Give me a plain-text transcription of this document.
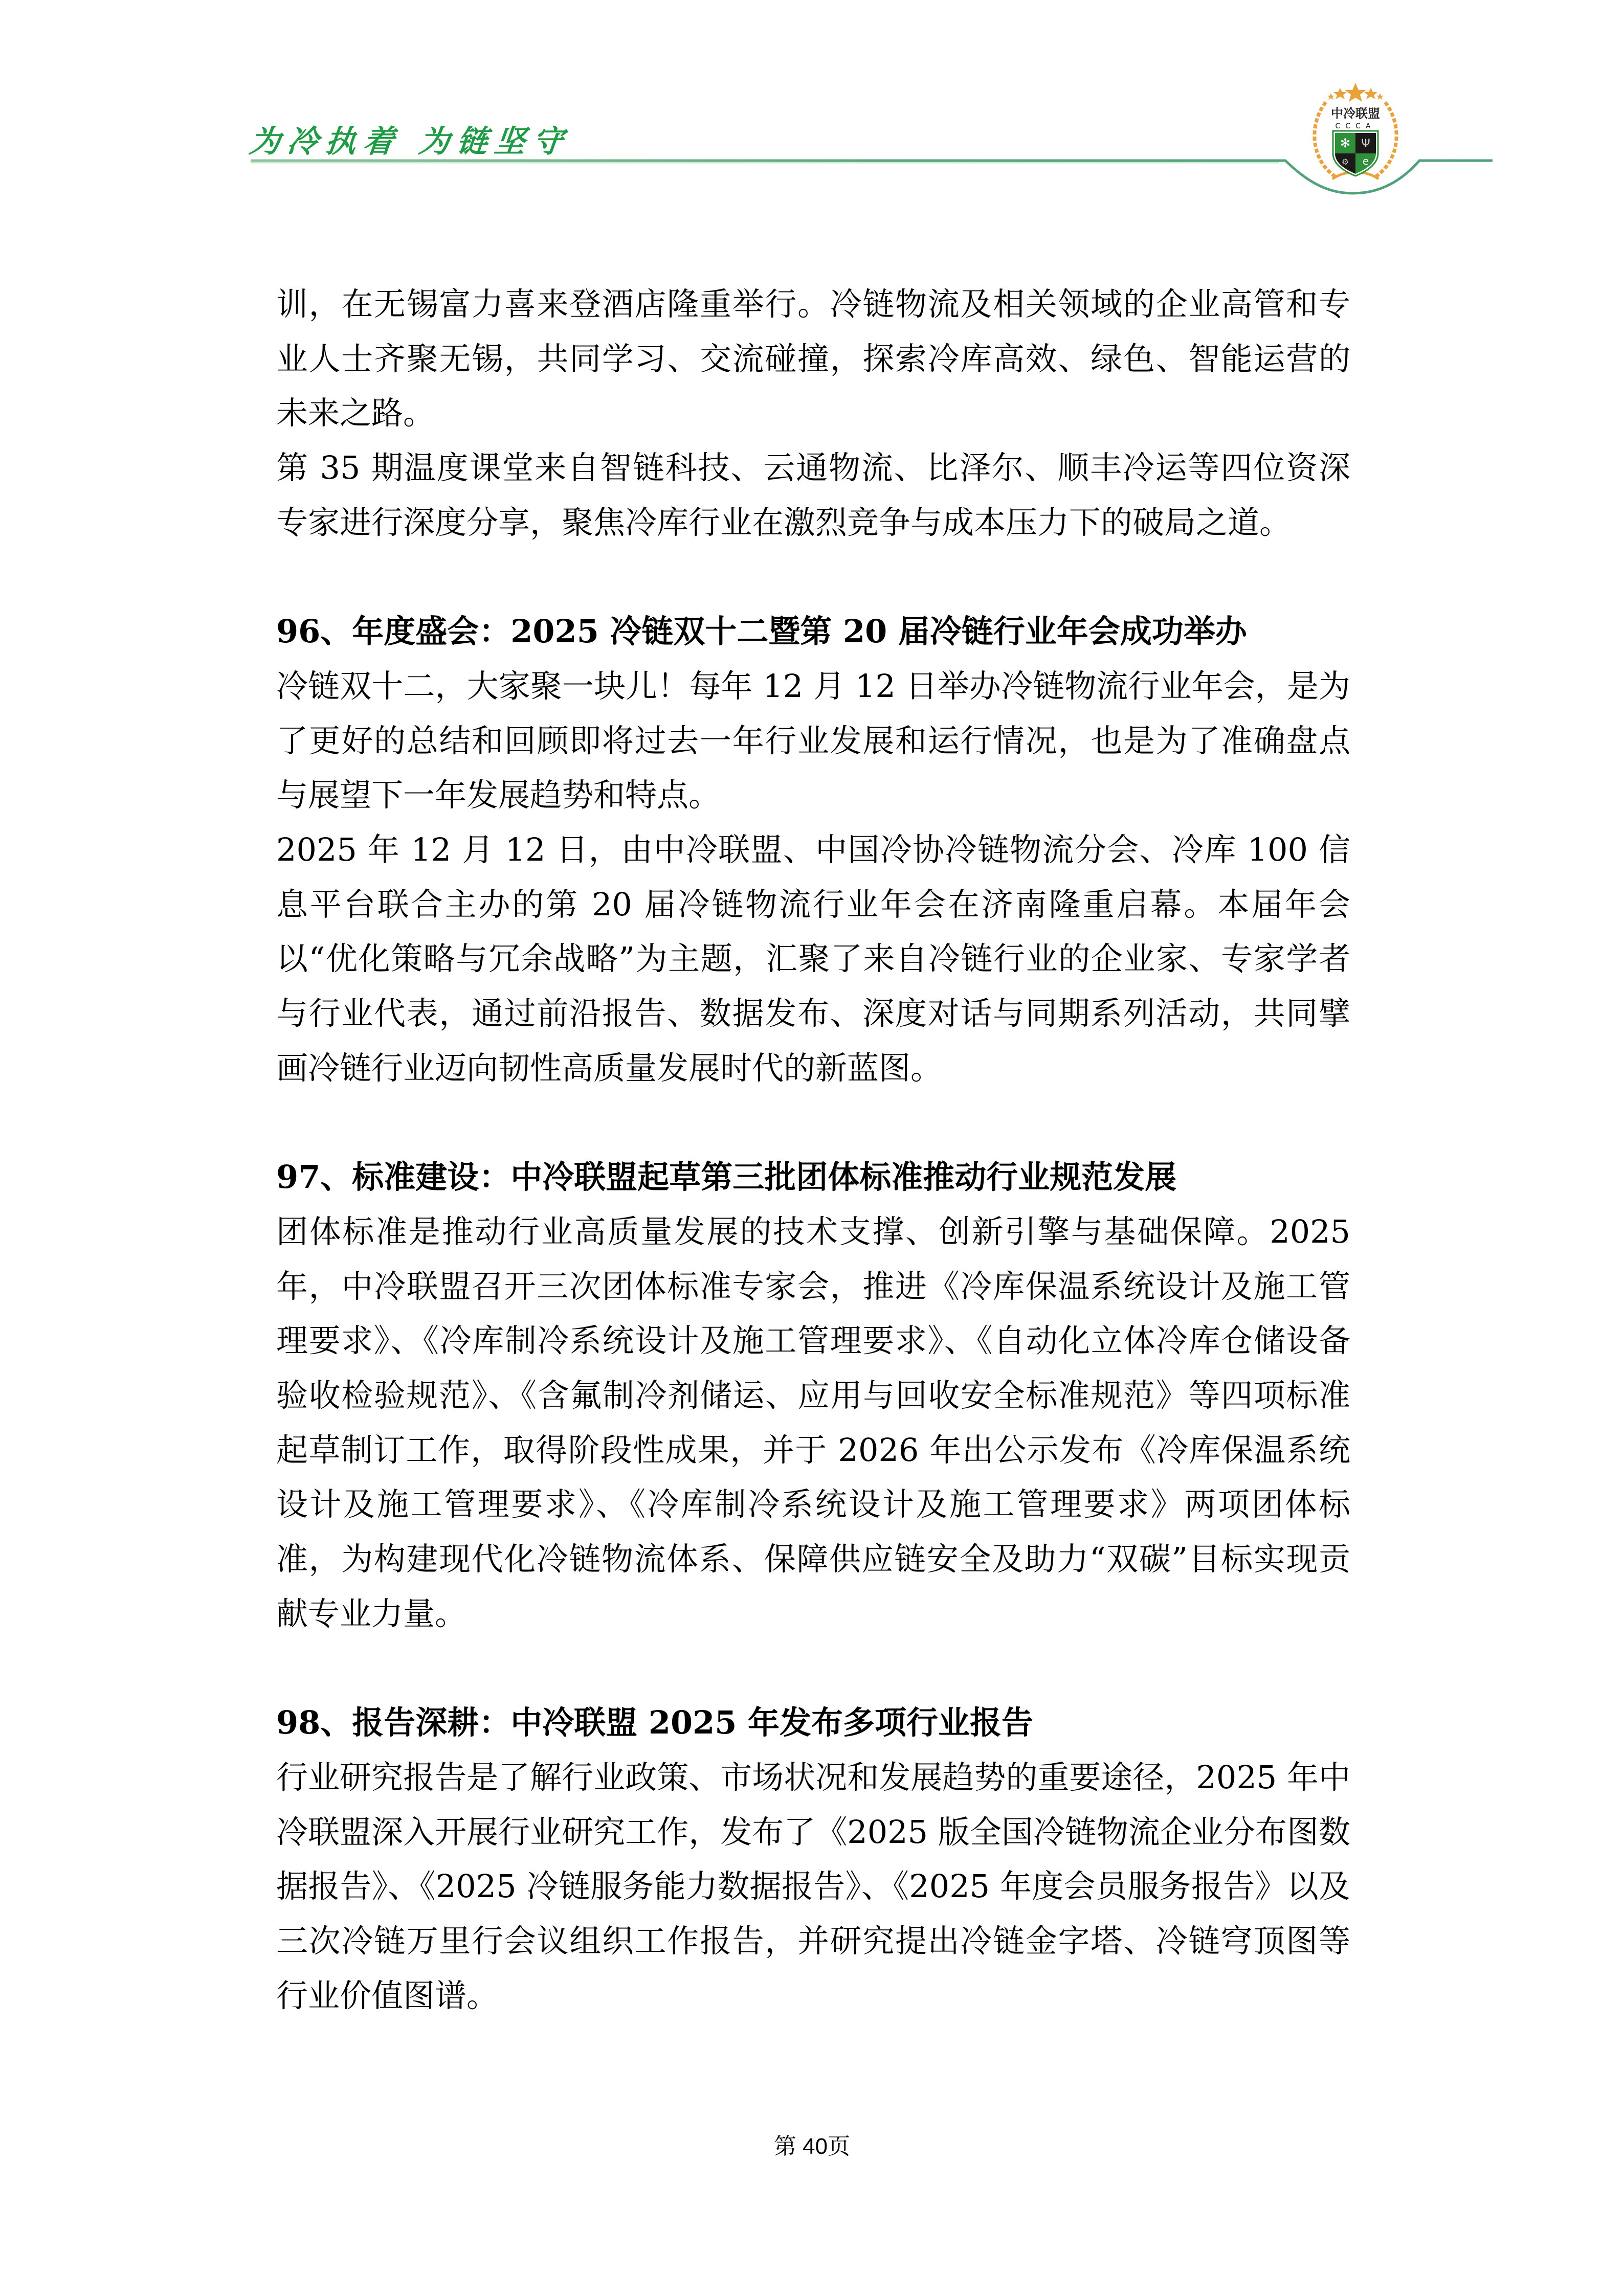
中冷联盟
CCCA
✻ Ψ
⚙ e
为冷执着 为链坚守

训，在无锡富力喜来登酒店隆重举行。冷链物流及相关领域的企业高管和专业人士齐聚无锡，共同学习、交流碰撞，探索冷库高效、绿色、智能运营的未来之路。

第 35 期温度课堂来自智链科技、云通物流、比泽尔、顺丰冷运等四位资深专家进行深度分享，聚焦冷库行业在激烈竞争与成本压力下的破局之道。

96、年度盛会：2025 冷链双十二暨第 20 届冷链行业年会成功举办

冷链双十二，大家聚一块儿！每年 12 月 12 日举办冷链物流行业年会，是为了更好的总结和回顾即将过去一年行业发展和运行情况，也是为了准确盘点与展望下一年发展趋势和特点。

2025 年 12 月 12 日，由中冷联盟、中国冷协冷链物流分会、冷库 100 信息平台联合主办的第 20 届冷链物流行业年会在济南隆重启幕。本届年会以“优化策略与冗余战略”为主题，汇聚了来自冷链行业的企业家、专家学者与行业代表，通过前沿报告、数据发布、深度对话与同期系列活动，共同擘画冷链行业迈向韧性高质量发展时代的新蓝图。

97、标准建设：中冷联盟起草第三批团体标准推动行业规范发展

团体标准是推动行业高质量发展的技术支撑、创新引擎与基础保障。2025 年，中冷联盟召开三次团体标准专家会，推进《冷库保温系统设计及施工管理要求》、《冷库制冷系统设计及施工管理要求》、《自动化立体冷库仓储设备验收检验规范》、《含氟制冷剂储运、应用与回收安全标准规范》等四项标准起草制订工作，取得阶段性成果，并于 2026 年出公示发布《冷库保温系统设计及施工管理要求》、《冷库制冷系统设计及施工管理要求》两项团体标准，为构建现代化冷链物流体系、保障供应链安全及助力“双碳”目标实现贡献专业力量。

98、报告深耕：中冷联盟 2025 年发布多项行业报告

行业研究报告是了解行业政策、市场状况和发展趋势的重要途径，2025 年中冷联盟深入开展行业研究工作，发布了《2025 版全国冷链物流企业分布图数据报告》、《2025 冷链服务能力数据报告》、《2025 年度会员服务报告》以及三次冷链万里行会议组织工作报告，并研究提出冷链金字塔、冷链穹顶图等行业价值图谱。

第 40页
